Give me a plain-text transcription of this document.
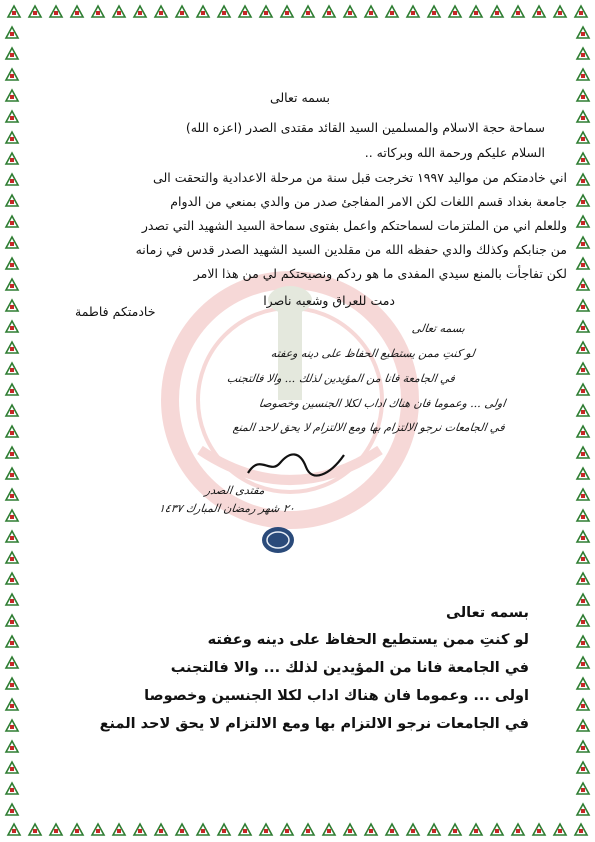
بسمه تعالى
سماحة حجة الاسلام والمسلمين السيد القائد مقتدى الصدر (اعزه الله)
السلام عليكم ورحمة الله وبركاته ..
اني خادمتكم من مواليد ١٩٩٧ تخرجت قبل سنة من مرحلة الاعدادية والتحقت الى
جامعة بغداد قسم اللغات لكن الامر المفاجئ صدر من والدي بمنعي من الدوام
وللعلم اني من الملتزمات لسماحتكم واعمل بفتوى سماحة السيد الشهيد التي تصدر
من جنابكم وكذلك والدي حفظه الله من مقلدين السيد الشهيد الصدر قدس في زمانه
لكن تفاجأت بالمنع سيدي المفدى ما هو ردكم ونصيحتكم لي من هذا الامر
دمت للعراق وشعبه ناصرا
خادمتكم فاطمة
بسمه تعالى
لو كنتِ ممن يستطيع الحفاظ على دينه وعفته
في الجامعة فانا من المؤيدين لذلك ... والا فالتجنب
اولى ... وعموما فان هناك اداب لكلا الجنسين وخصوصا
في الجامعات نرجو الالتزام بها ومع الالتزام لا يحق لاحد المنع
مقتدى الصدر
٢٠ شهر رمضان المبارك ١٤٣٧
بسمه تعالى
لو كنتِ ممن يستطيع الحفاظ على دينه وعفته
في الجامعة فانا من المؤيدين لذلك ... والا فالتجنب
اولى ... وعموما فان هناك اداب لكلا الجنسين وخصوصا
في الجامعات نرجو الالتزام بها ومع الالتزام لا يحق لاحد المنع
